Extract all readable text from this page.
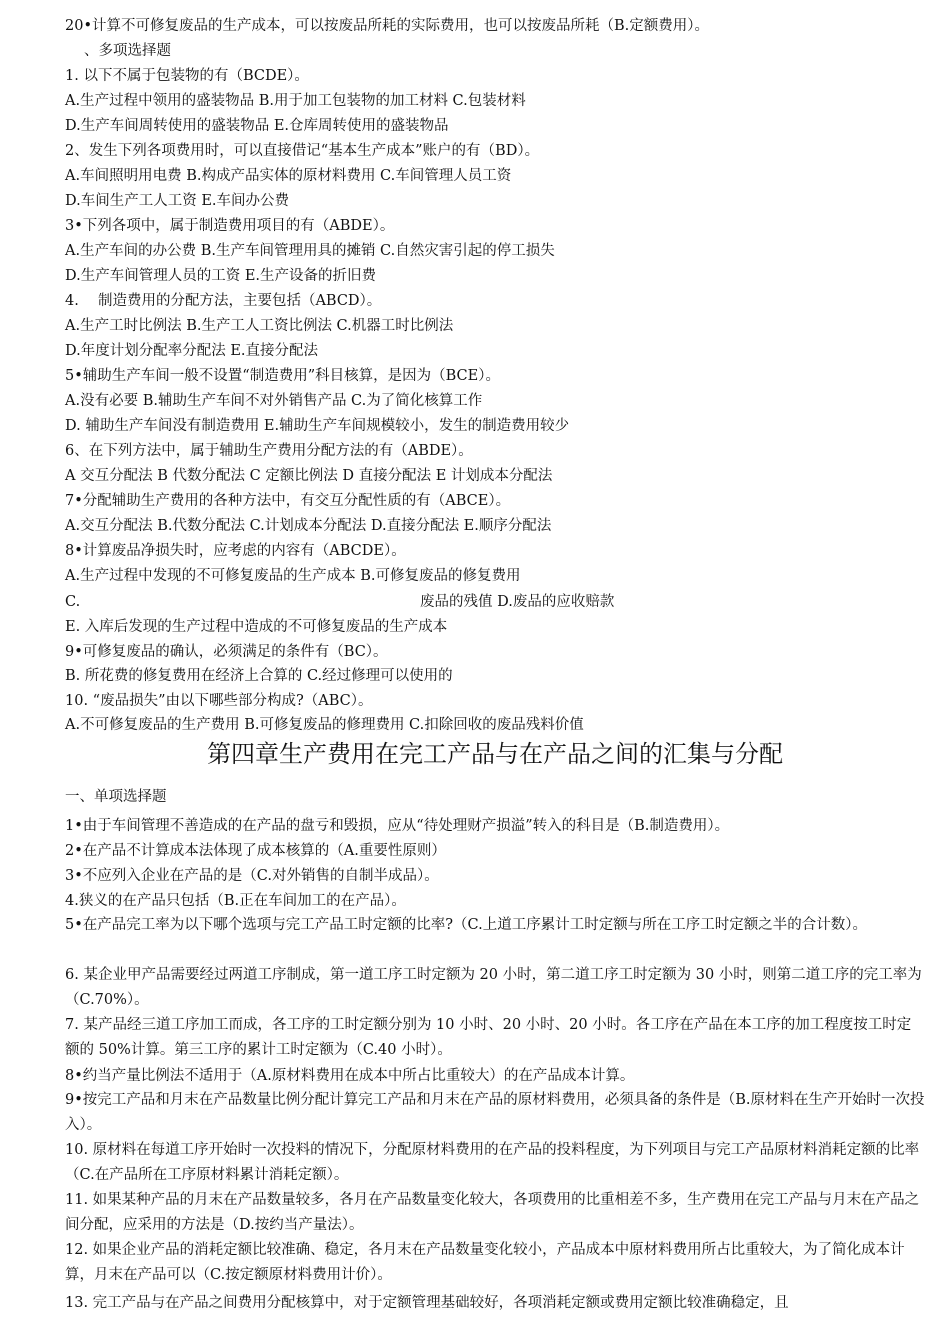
20•计算不可修复废品的生产成本，可以按废品所耗的实际费用，也可以按废品所耗（B.定额费用）。
、多项选择题
1. 以下不属于包装物的有（BCDE）。
A.生产过程中领用的盛装物品 B.用于加工包装物的加工材料 C.包装材料
D.生产车间周转使用的盛装物品 E.仓库周转使用的盛装物品
2、发生下列各项费用时，可以直接借记“基本生产成本”账户的有（BD）。
A.车间照明用电费 B.构成产品实体的原材料费用 C.车间管理人员工资
D.车间生产工人工资 E.车间办公费
3•下列各项中，属于制造费用项目的有（ABDE）。
A.生产车间的办公费 B.生产车间管理用具的摊销 C.自然灾害引起的停工损失
D.生产车间管理人员的工资 E.生产设备的折旧费
4.　 制造费用的分配方法，主要包括（ABCD）。
A.生产工时比例法 B.生产工人工资比例法 C.机器工时比例法
D.年度计划分配率分配法 E.直接分配法
5•辅助生产车间一般不设置“制造费用”科目核算，是因为（BCE）。
A.没有必要 B.辅助生产车间不对外销售产品 C.为了简化核算工作
D. 辅助生产车间没有制造费用 E.辅助生产车间规模较小，发生的制造费用较少
6、在下列方法中，属于辅助生产费用分配方法的有（ABDE）。
A 交互分配法 B 代数分配法 C 定额比例法 D 直接分配法 E 计划成本分配法
7•分配辅助生产费用的各种方法中，有交互分配性质的有（ABCE）。
A.交互分配法 B.代数分配法 C.计划成本分配法 D.直接分配法 E.顺序分配法
8•计算废品净损失时，应考虑的内容有（ABCDE）。
A.生产过程中发现的不可修复废品的生产成本 B.可修复废品的修复费用
C.	废品的残值 D.废品的应收赔款
E. 入库后发现的生产过程中造成的不可修复废品的生产成本
9•可修复废品的确认，必须满足的条件有（BC）。
B. 所花费的修复费用在经济上合算的 C.经过修理可以使用的
10. “废品损失”由以下哪些部分构成?（ABC）。
A.不可修复废品的生产费用 B.可修复废品的修理费用 C.扣除回收的废品残料价值
第四章生产费用在完工产品与在产品之间的汇集与分配
一、单项选择题
1•由于车间管理不善造成的在产品的盘亏和毁损，应从“待处理财产损溢”转入的科目是（B.制造费用）。
2•在产品不计算成本法体现了成本核算的（A.重要性原则）
3•不应列入企业在产品的是（C.对外销售的自制半成品）。
4.狭义的在产品只包括（B.正在车间加工的在产品）。
5•在产品完工率为以下哪个选项与完工产品工时定额的比率?（C.上道工序累计工时定额与所在工序工时定额之半的合计数）。
6. 某企业甲产品需要经过两道工序制成，第一道工序工时定额为 20 小时，第二道工序工时定额为 30 小时，则第二道工序的完工率为（C.70%）。
7. 某产品经三道工序加工而成，各工序的工时定额分别为 10 小时、20 小时、20 小时。各工序在产品在本工序的加工程度按工时定额的 50%计算。第三工序的累计工时定额为（C.40 小时）。
8•约当产量比例法不适用于（A.原材料费用在成本中所占比重较大）的在产品成本计算。
9•按完工产品和月末在产品数量比例分配计算完工产品和月末在产品的原材料费用，必须具备的条件是（B.原材料在生产开始时一次投入）。
10. 原材料在每道工序开始时一次投料的情况下，分配原材料费用的在产品的投料程度，为下列项目与完工产品原材料消耗定额的比率（C.在产品所在工序原材料累计消耗定额）。
11. 如果某种产品的月末在产品数量较多，各月在产品数量变化较大，各项费用的比重相差不多，生产费用在完工产品与月末在产品之间分配，应采用的方法是（D.按约当产量法）。
12. 如果企业产品的消耗定额比较准确、稳定，各月末在产品数量变化较小，产品成本中原材料费用所占比重较大，为了简化成本计算，月末在产品可以（C.按定额原材料费用计价）。
13. 完工产品与在产品之间费用分配核算中，对于定额管理基础较好，各项消耗定额或费用定额比较准确稳定，且
